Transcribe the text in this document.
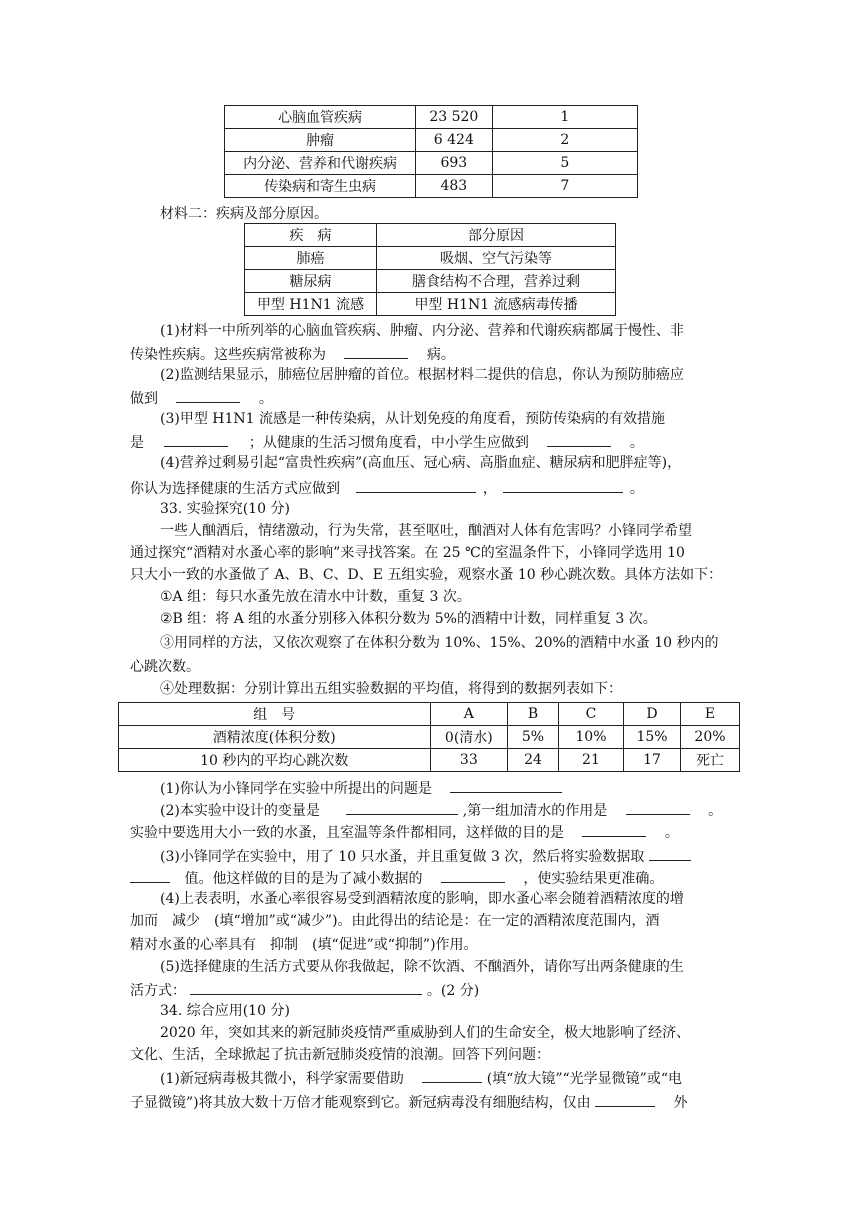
心脑血管疾病	23 520	1
肿瘤	6 424	2
内分泌、营养和代谢疾病	693	5
传染病和寄生虫病	483	7
材料二：疾病及部分原因。
疾　病	部分原因
肺癌	吸烟、空气污染等
糖尿病	膳食结构不合理，营养过剩
甲型 H1N1 流感	甲型 H1N1 流感病毒传播
(1)材料一中所列举的心脑血管疾病、肿瘤、内分泌、营养和代谢疾病都属于慢性、非
传染性疾病。这些疾病常被称为	病。
(2)监测结果显示，肺癌位居肿瘤的首位。根据材料二提供的信息，你认为预防肺癌应
做到	。
(3)甲型 H1N1 流感是一种传染病，从计划免疫的角度看，预防传染病的有效措施
是	；从健康的生活习惯角度看，中小学生应做到	。
(4)营养过剩易引起“富贵性疾病”(高血压、冠心病、高脂血症、糖尿病和肥胖症等)，
你认为选择健康的生活方式应做到	，	。
33. 实验探究(10 分)
一些人酗酒后，情绪激动，行为失常，甚至呕吐，酗酒对人体有危害吗？小锋同学希望
通过探究“酒精对水蚤心率的影响”来寻找答案。在 25 ℃的室温条件下，小锋同学选用 10
只大小一致的水蚤做了 A、B、C、D、E 五组实验，观察水蚤 10 秒心跳次数。具体方法如下：
①A 组：每只水蚤先放在清水中计数，重复 3 次。
②B 组：将 A 组的水蚤分别移入体积分数为 5%的酒精中计数，同样重复 3 次。
③用同样的方法，又依次观察了在体积分数为 10%、15%、20%的酒精中水蚤 10 秒内的
心跳次数。
④处理数据：分别计算出五组实验数据的平均值，将得到的数据列表如下：
组　号	A	B	C	D	E
酒精浓度(体积分数)	0(清水)	5%	10%	15%	20%
10 秒内的平均心跳次数	33	24	21	17	死亡
(1)你认为小锋同学在实验中所提出的问题是
(2)本实验中设计的变量是	,第一组加清水的作用是	。
实验中要选用大小一致的水蚤，且室温等条件都相同，这样做的目的是	。
(3)小锋同学在实验中，用了 10 只水蚤，并且重复做 3 次，然后将实验数据取
值。他这样做的目的是为了减小数据的	，使实验结果更准确。
(4)上表表明，水蚤心率很容易受到酒精浓度的影响，即水蚤心率会随着酒精浓度的增
加而　减少　(填“增加”或“减少”)。由此得出的结论是：在一定的酒精浓度范围内，酒
精对水蚤的心率具有　抑制　(填“促进”或“抑制”)作用。
(5)选择健康的生活方式要从你我做起，除不饮酒、不酗酒外，请你写出两条健康的生
活方式：	。(2 分)
34. 综合应用(10 分)
2020 年，突如其来的新冠肺炎疫情严重威胁到人们的生命安全，极大地影响了经济、
文化、生活，全球掀起了抗击新冠肺炎疫情的浪潮。回答下列问题：
(1)新冠病毒极其微小，科学家需要借助	(填“放大镜”“光学显微镜”或“电
子显微镜”)将其放大数十万倍才能观察到它。新冠病毒没有细胞结构，仅由	外
